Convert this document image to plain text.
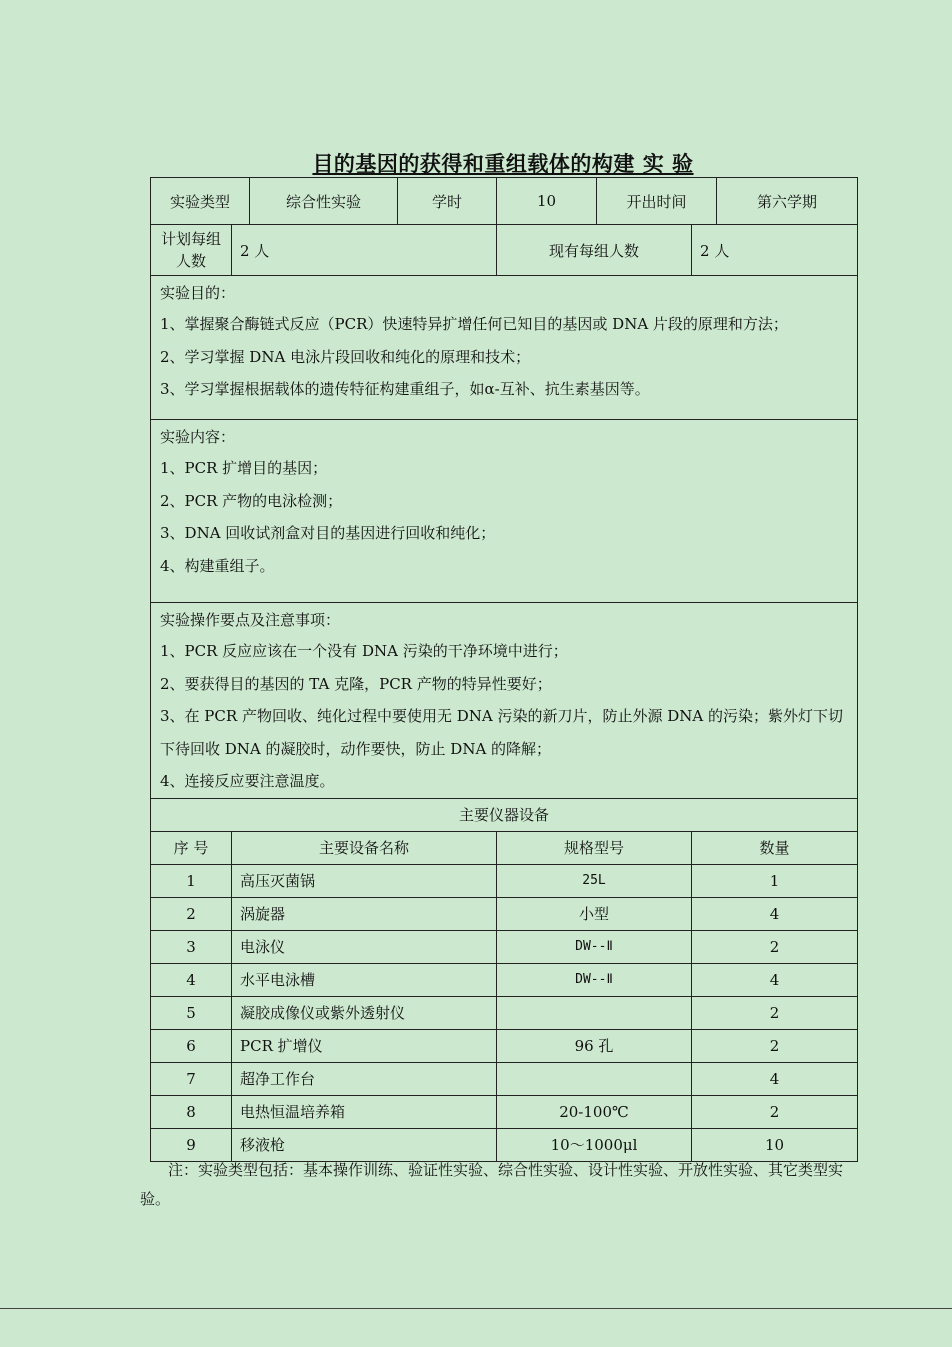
目的基因的获得和重组载体的构建 实 验
实验类型		综合性实验	学时	10	开出时间		第六学期

计划每组
人数	2 人			现有每组人数		2 人	

实验目的：

1、掌握聚合酶链式反应（PCR）快速特异扩增任何已知目的基因或 DNA 片段的原理和方法；

2、学习掌握 DNA 电泳片段回收和纯化的原理和技术；

3、学习掌握根据载体的遗传特征构建重组子，如α-互补、抗生素基因等。							

实验内容：

1、PCR 扩增目的基因；

2、PCR 产物的电泳检测；

3、DNA 回收试剂盒对目的基因进行回收和纯化；

4、构建重组子。							

实验操作要点及注意事项：

1、PCR 反应应该在一个没有 DNA 污染的干净环境中进行；

2、要获得目的基因的 TA 克隆，PCR 产物的特异性要好；

3、在 PCR 产物回收、纯化过程中要使用无 DNA 污染的新刀片，防止外源 DNA 的污染；紫外灯下切下待回收 DNA 的凝胶时，动作要快，防止 DNA 的降解；

4、连接反应要注意温度。							

主要仪器设备							
序 号	主要设备名称			规格型号		数量	
1	高压灭菌锅			25L		1	
2	涡旋器			小型		4	
3	电泳仪			DW--Ⅱ		2	
4	水平电泳槽			DW--Ⅱ		4	
5	凝胶成像仪或紫外透射仪					2	
6	PCR 扩增仪			96 孔		2	
7	超净工作台					4	
8	电热恒温培养箱			20-100℃		2	
9	移液枪			10～1000μl		10	
注：实验类型包括：基本操作训练、验证性实验、综合性实验、设计性实验、开放性实验、其它类型实验。
